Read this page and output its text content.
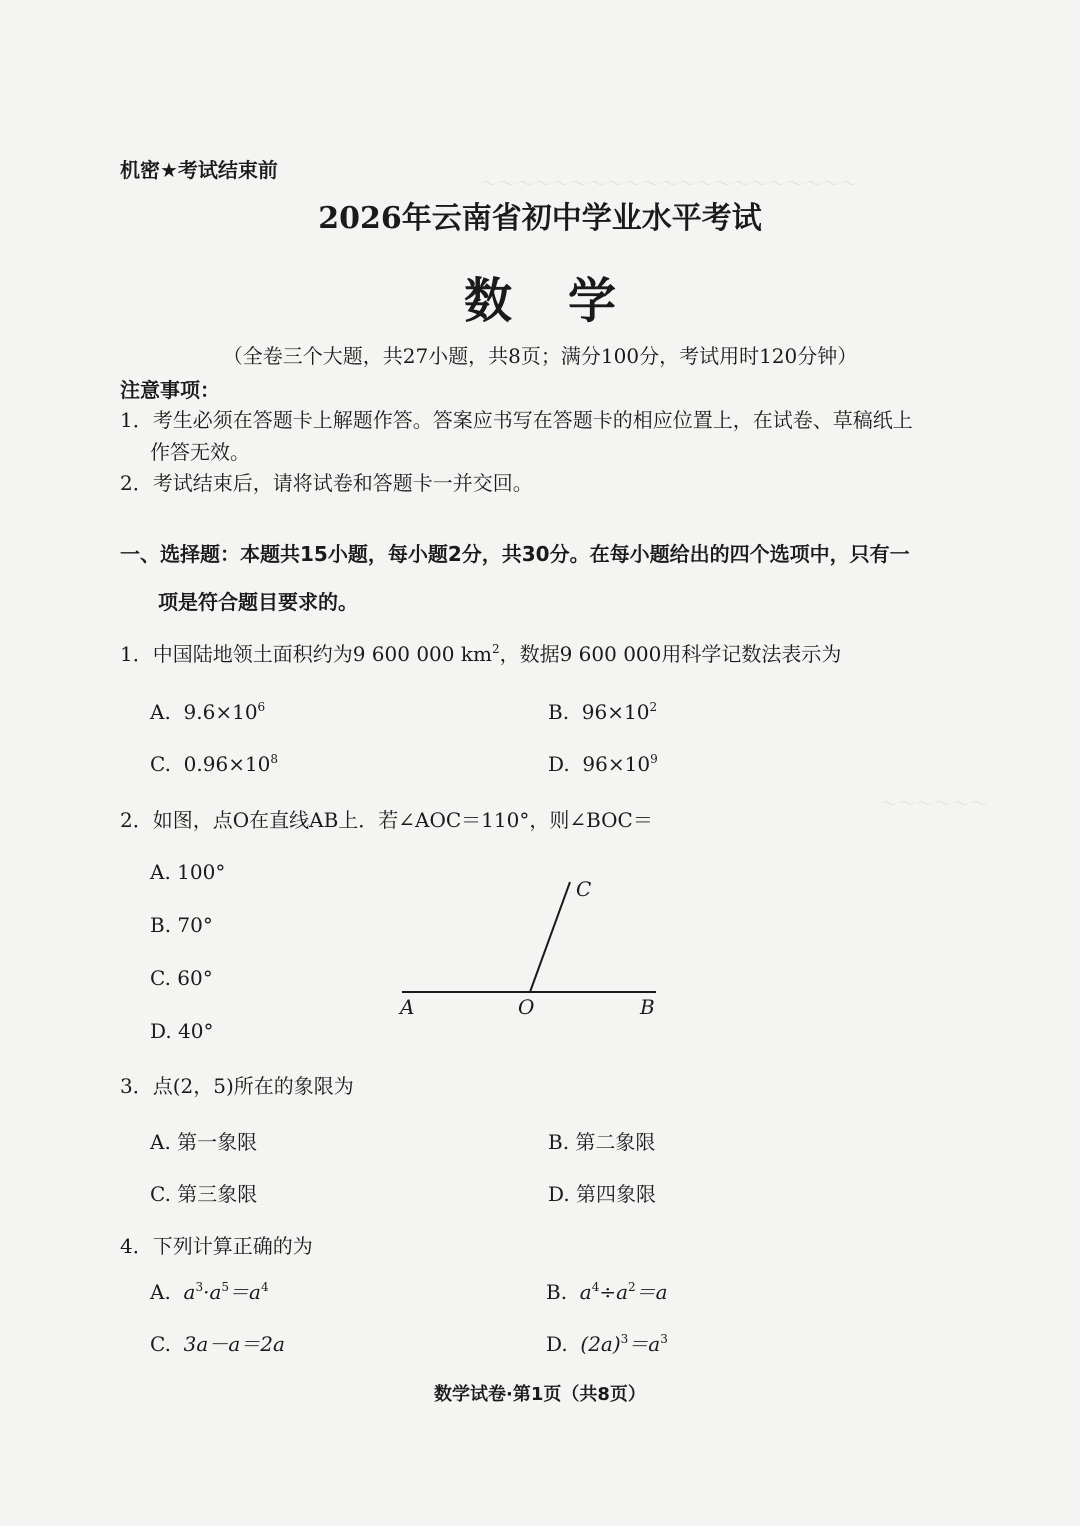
～～～～～～～～～～～～～～～～～～～～～
～～～～～～
机密★考试结束前
2026年云南省初中学业水平考试
数学
（全卷三个大题，共27小题，共8页；满分100分，考试用时120分钟）
注意事项：
1．考生必须在答题卡上解题作答。答案应书写在答题卡的相应位置上，在试卷、草稿纸上
作答无效。
2．考试结束后，请将试卷和答题卡一并交回。
一、选择题：本题共15小题，每小题2分，共30分。在每小题给出的四个选项中，只有一
项是符合题目要求的。
1．中国陆地领土面积约为9 600 000 $km^2$，数据9 600 000用科学记数法表示为
A. $9.6\times 10^6$	B. $96\times 10^2$
C. $0.96\times 10^8$	D. $96\times 10^9$
2．如图，点O在直线AB上．若∠AOC＝110°，则∠BOC＝
A. 100°
B. 70°
C. 60°
D. 40°
A	O	B
C
3．点(2，5)所在的象限为
A. 第一象限	B. 第二象限
C. 第三象限	D. 第四象限
4．下列计算正确的为
A. $a^3\cdot a^5=a^4$	B. $a^4\div a^2=a$
C. 3a－a＝2a	D. $(2a)^3=a^3$
数学试卷·第1页（共8页）
